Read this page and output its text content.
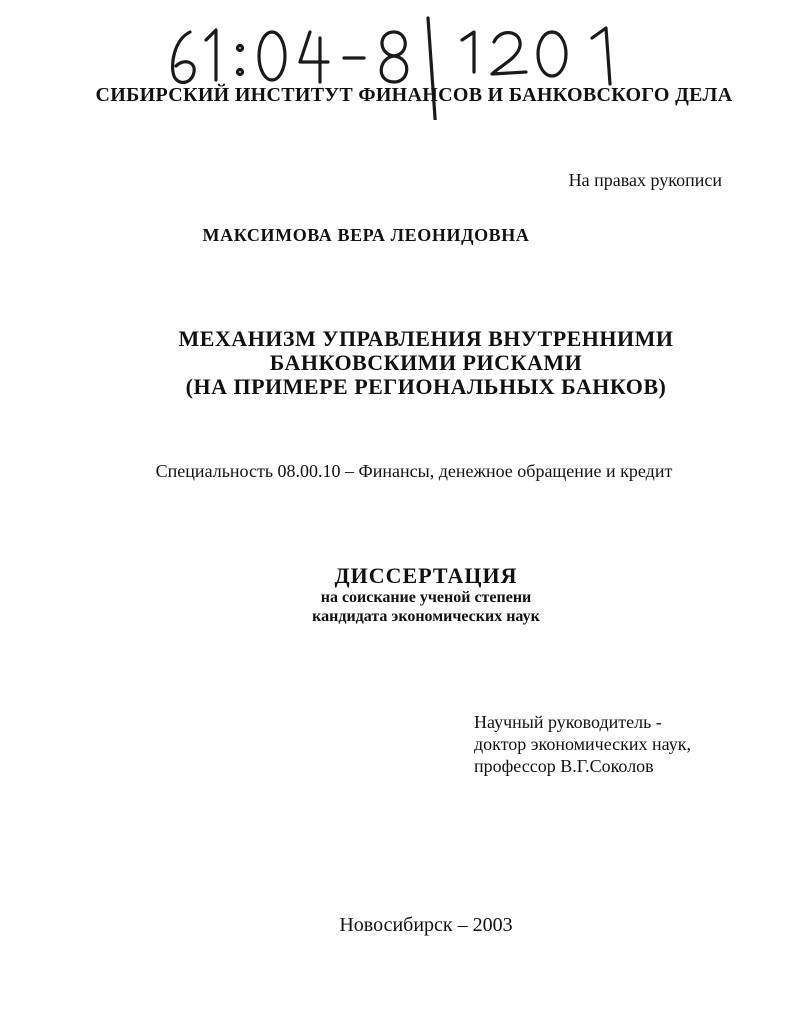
СИБИРСКИЙ ИНСТИТУТ ФИНАНСОВ И БАНКОВСКОГО ДЕЛА
На правах рукописи
МАКСИМОВА ВЕРА ЛЕОНИДОВНА
МЕХАНИЗМ УПРАВЛЕНИЯ ВНУТРЕННИМИ
БАНКОВСКИМИ РИСКАМИ
(НА ПРИМЕРЕ РЕГИОНАЛЬНЫХ БАНКОВ)
Специальность 08.00.10 – Финансы, денежное обращение и кредит
ДИССЕРТАЦИЯ
на соискание ученой степени
кандидата экономических наук
Научный руководитель -
доктор экономических наук,
профессор В.Г.Соколов
Новосибирск – 2003
